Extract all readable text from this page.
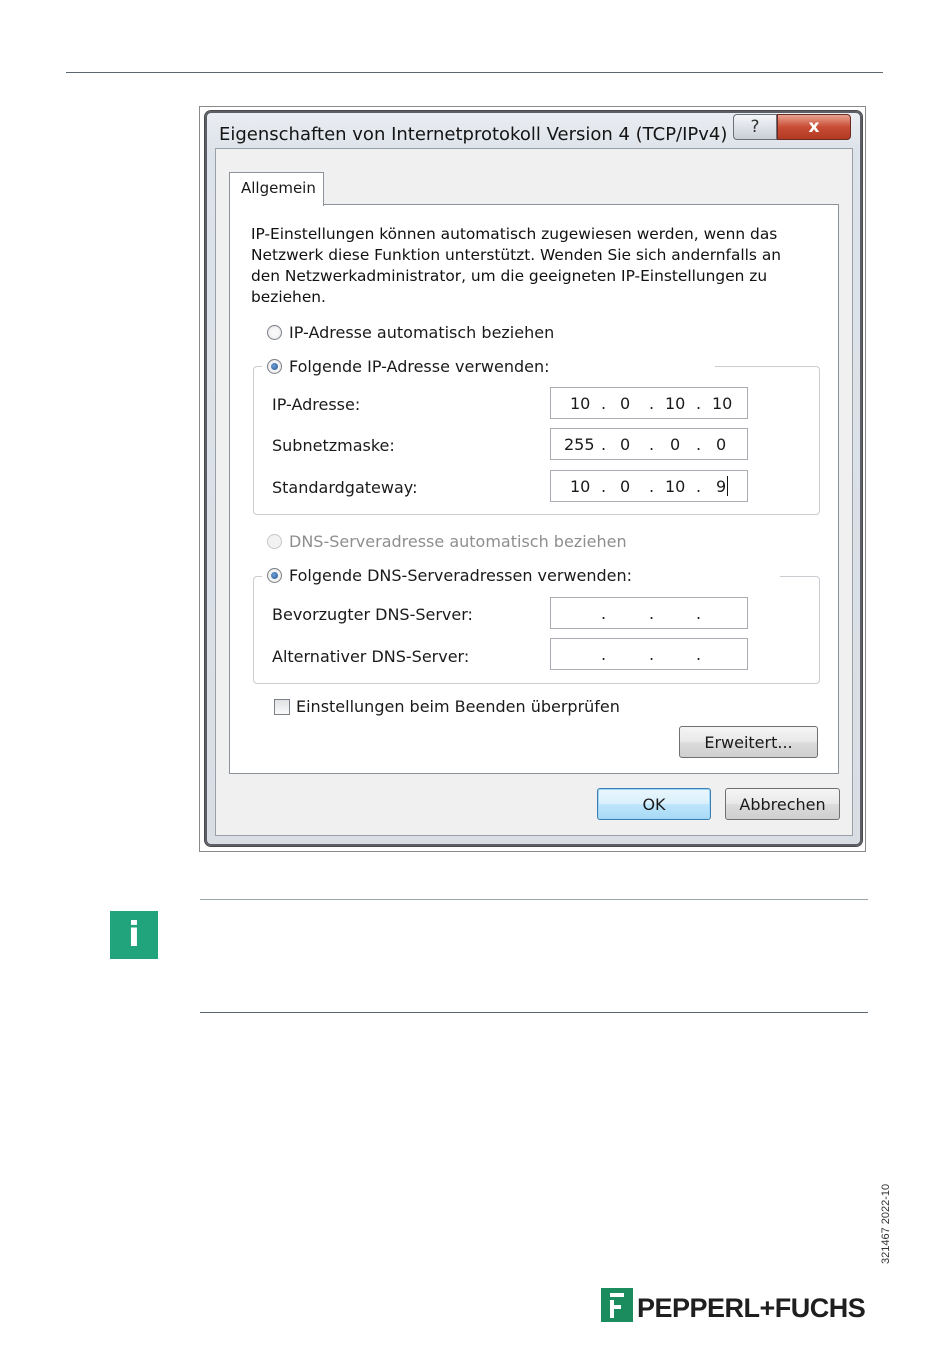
Eigenschaften von Internetprotokoll Version 4 (TCP/IPv4)	?	x
Allgemein
IP-Einstellungen können automatisch zugewiesen werden, wenn das Netzwerk diese Funktion unterstützt. Wenden Sie sich andernfalls an den Netzwerkadministrator, um die geeigneten IP-Einstellungen zu beziehen.
IP-Adresse automatisch beziehen
Folgende IP-Adresse verwenden:
IP-Adresse:	10 . 0 . 10 . 10
Subnetzmaske:	255 . 0 . 0 . 0
Standardgateway:	10 . 0 . 10 . 9
DNS-Serveradresse automatisch beziehen
Folgende DNS-Serveradressen verwenden:
Bevorzugter DNS-Server:	.	.	.
Alternativer DNS-Server:	.	.	.
Einstellungen beim Beenden überprüfen
Erweitert...
OK	Abbrechen
i
321467 2022-10
PEPPERL+FUCHS
